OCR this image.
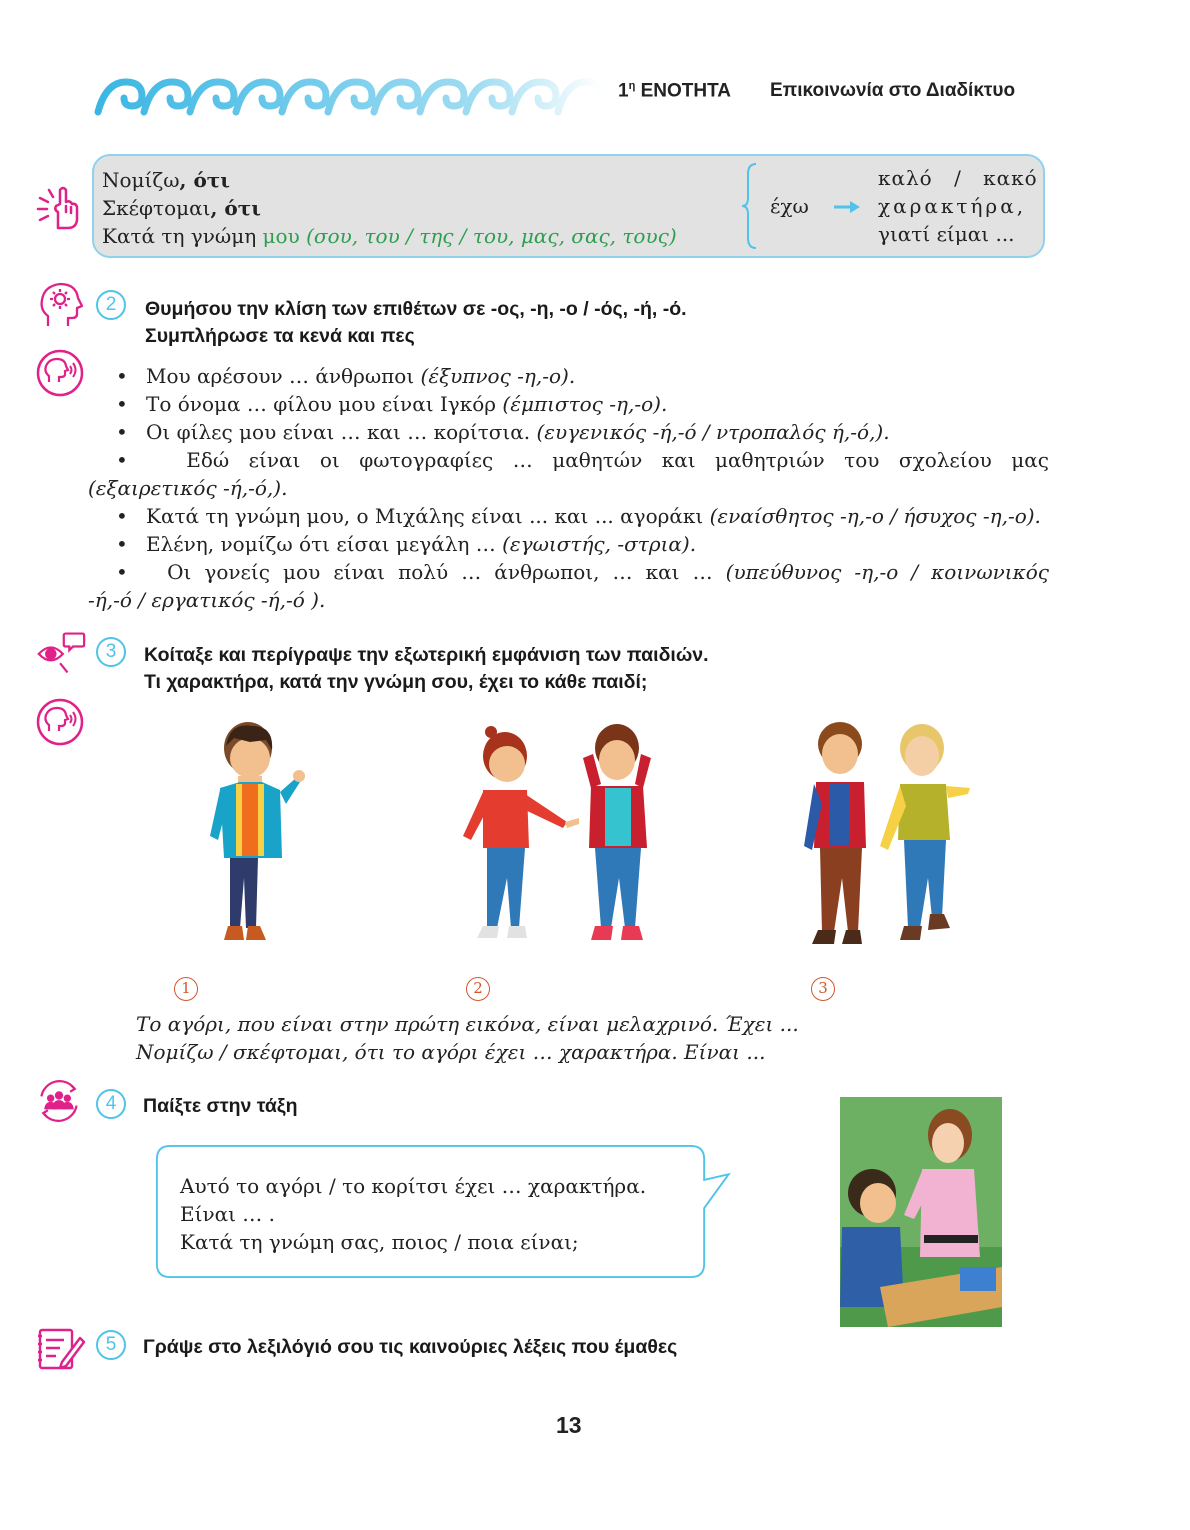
$1^\eta$ ΕΝΟΤΗΤΑ Επικοινωνία στο Διαδίκτυο
Νομίζω, ότι
Σκέφτομαι, ότι
Κατά τη γνώμη μου (σου, του / της / του, μας, σας, τους)
έχω
καλό / κακό
χαρακτήρα,
γιατί είμαι ...
2	Θυμήσου την κλίση των επιθέτων σε -ος, -η, -ο / -ός, -ή, -ό.
Συμπλήρωσε τα κενά και πες
• Μου αρέσουν … άνθρωποι (έξυπνος -η,-ο).
• Το όνομα … φίλου μου είναι Ιγκόρ (έμπιστος -η,-ο).
• Οι φίλες μου είναι … και … κορίτσια. (ευγενικός -ή,-ό / ντροπαλός ή,-ό,).
•   Εδώ είναι οι φωτογραφίες … μαθητών και μαθητριών του σχολείου μας
(εξαιρετικός -ή,-ό,).
• Κατά τη γνώμη μου, ο Μιχάλης είναι ... και ... αγοράκι (εναίσθητος -η,-ο / ήσυχος -η,-ο).
• Ελένη, νομίζω ότι είσαι μεγάλη … (εγωιστής, -στρια).
•   Οι γονείς μου είναι πολύ … άνθρωποι, … και … (υπεύθυνος -η,-ο / κοινωνικός
-ή,-ό / εργατικός -ή,-ό ).
3	Κοίταξε και περίγραψε την εξωτερική εμφάνιση των παιδιών.
Τι χαρακτήρα, κατά την γνώμη σου, έχει το κάθε παιδί;
1	2	3
Το αγόρι, που είναι στην πρώτη εικόνα, είναι μελαχρινό. Έχει ...
Νομίζω / σκέφτομαι, ότι το αγόρι έχει … χαρακτήρα. Είναι ...
4	Παίξτε στην τάξη
Αυτό το αγόρι / το κορίτσι έχει … χαρακτήρα.
Είναι … .
Κατά τη γνώμη σας, ποιος / ποια είναι;
5	Γράψε στο λεξιλόγιό σου τις καινούριες λέξεις που έμαθες
13
